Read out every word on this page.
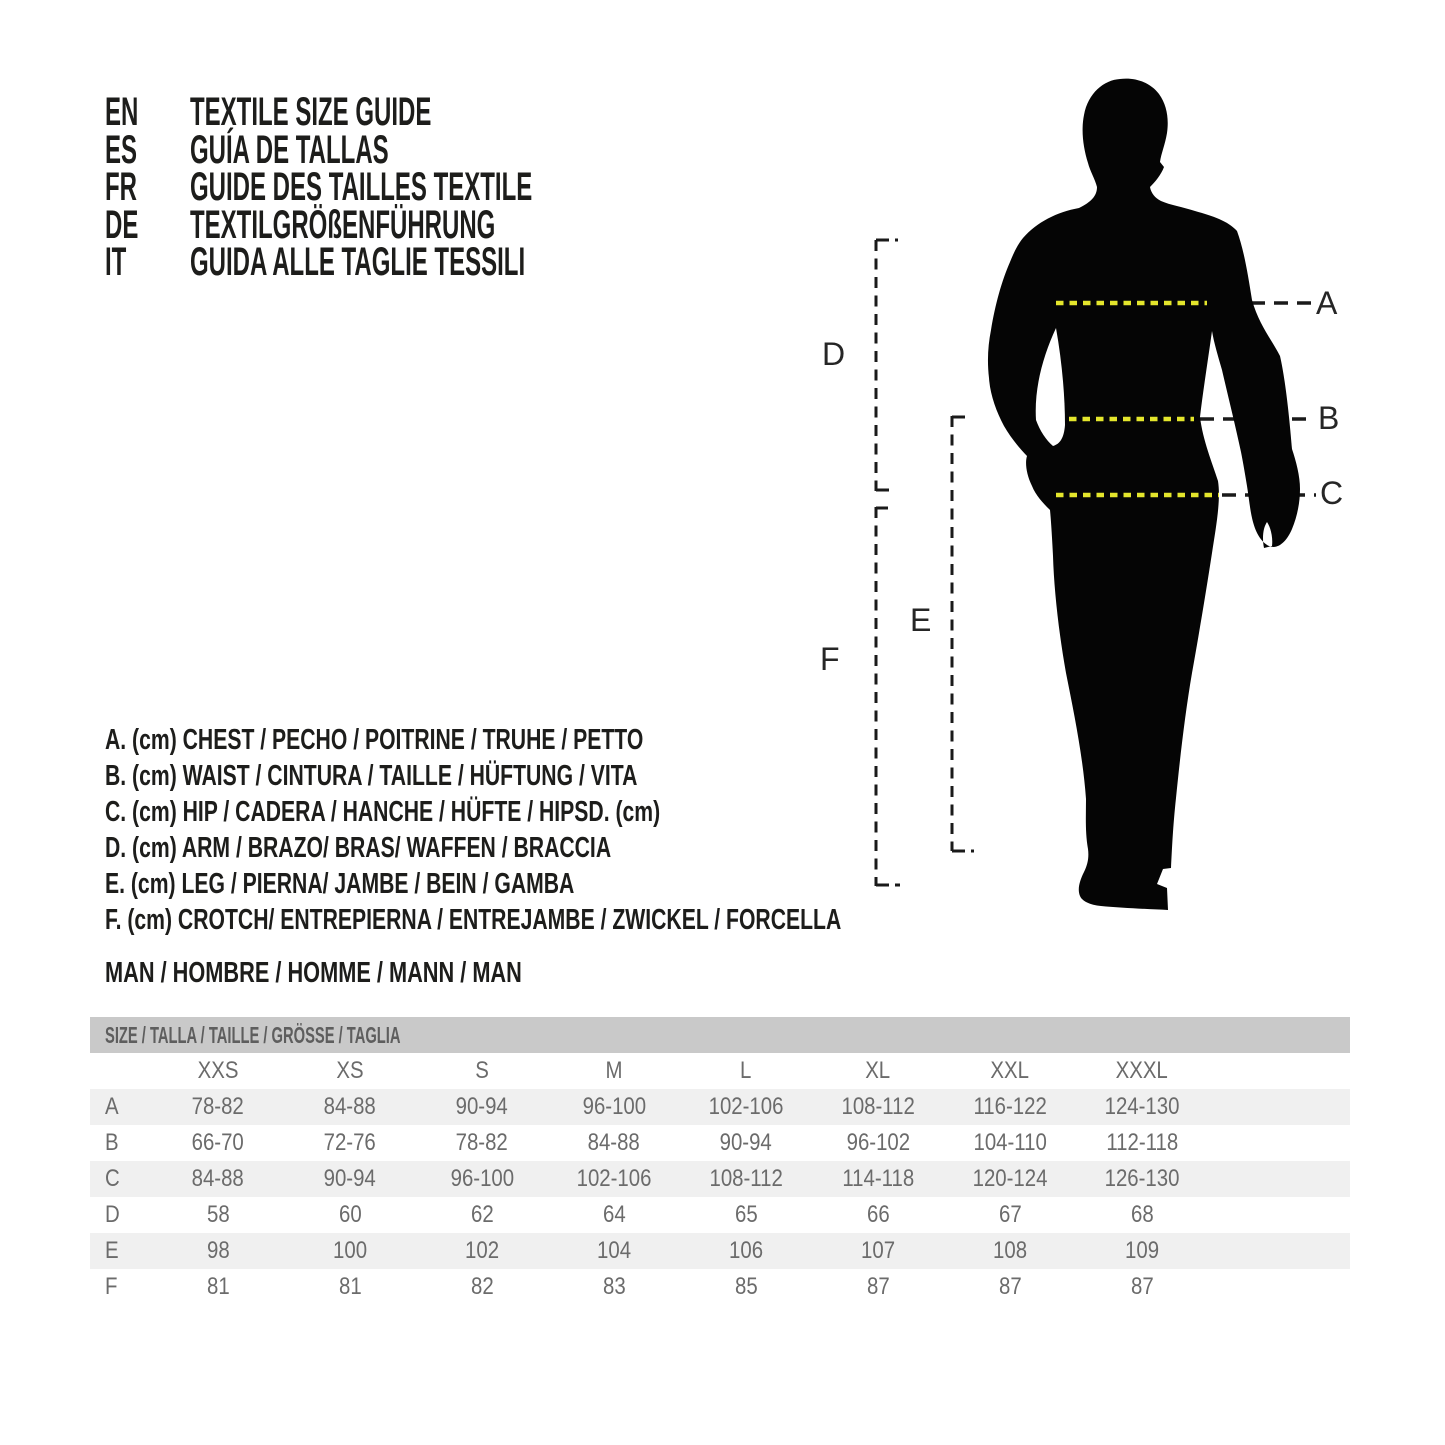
EN	TEXTILE SIZE GUIDE
ES	GUÍA DE TALLAS
FR	GUIDE DES TAILLES TEXTILE
DE	TEXTILGRÖßENFÜHRUNG
IT	GUIDA ALLE TAGLIE TESSILI
A. (cm) CHEST / PECHO / POITRINE / TRUHE / PETTO
B. (cm) WAIST / CINTURA / TAILLE / HÜFTUNG / VITA
C. (cm) HIP / CADERA / HANCHE / HÜFTE / HIPSD. (cm)
D. (cm) ARM / BRAZO/ BRAS/ WAFFEN / BRACCIA
E. (cm) LEG / PIERNA/ JAMBE / BEIN / GAMBA
F. (cm) CROTCH/ ENTREPIERNA / ENTREJAMBE / ZWICKEL / FORCELLA
MAN / HOMBRE / HOMME / MANN / MAN
SIZE / TALLA / TAILLE / GRÖSSE / TAGLIA
	XXS	XS	S	M	L	XL	XXL	XXXL	
A	78-82	84-88	90-94	96-100	102-106	108-112	116-122	124-130	
B	66-70	72-76	78-82	84-88	90-94	96-102	104-110	112-118	
C	84-88	90-94	96-100	102-106	108-112	114-118	120-124	126-130	
D	58	60	62	64	65	66	67	68	
E	98	100	102	104	106	107	108	109	
F	81	81	82	83	85	87	87	87	
A
B
C
D
E
F
